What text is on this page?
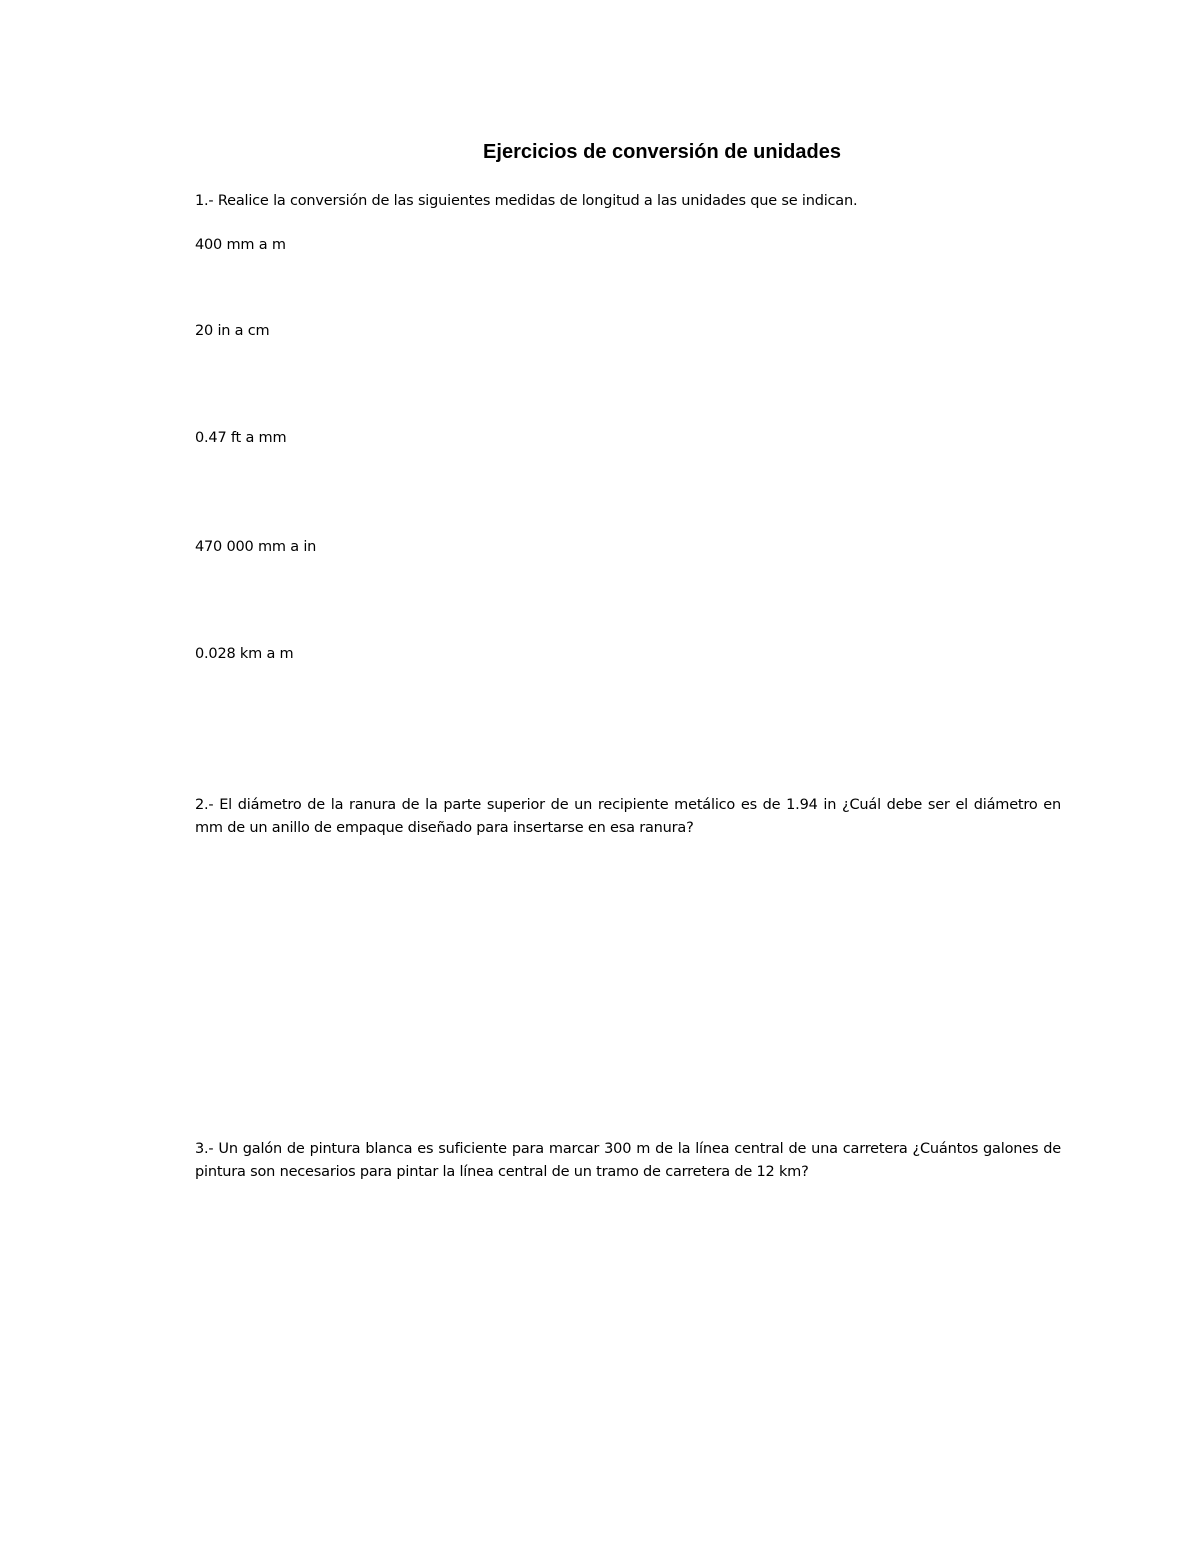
Ejercicios de conversión de unidades
1.- Realice la conversión de las siguientes medidas de longitud a las unidades que se indican.
400 mm a m
20 in a cm
0.47 ft a mm
470 000 mm a in
0.028 km a m
2.- El diámetro de la ranura de la parte superior de un recipiente metálico es de 1.94 in ¿Cuál debe ser el diámetro en mm de un anillo de empaque diseñado para insertarse en esa ranura?
3.- Un galón de pintura blanca es suficiente para marcar 300 m de la línea central de una carretera ¿Cuántos galones de pintura son necesarios para pintar la línea central de un tramo de carretera de 12 km?
